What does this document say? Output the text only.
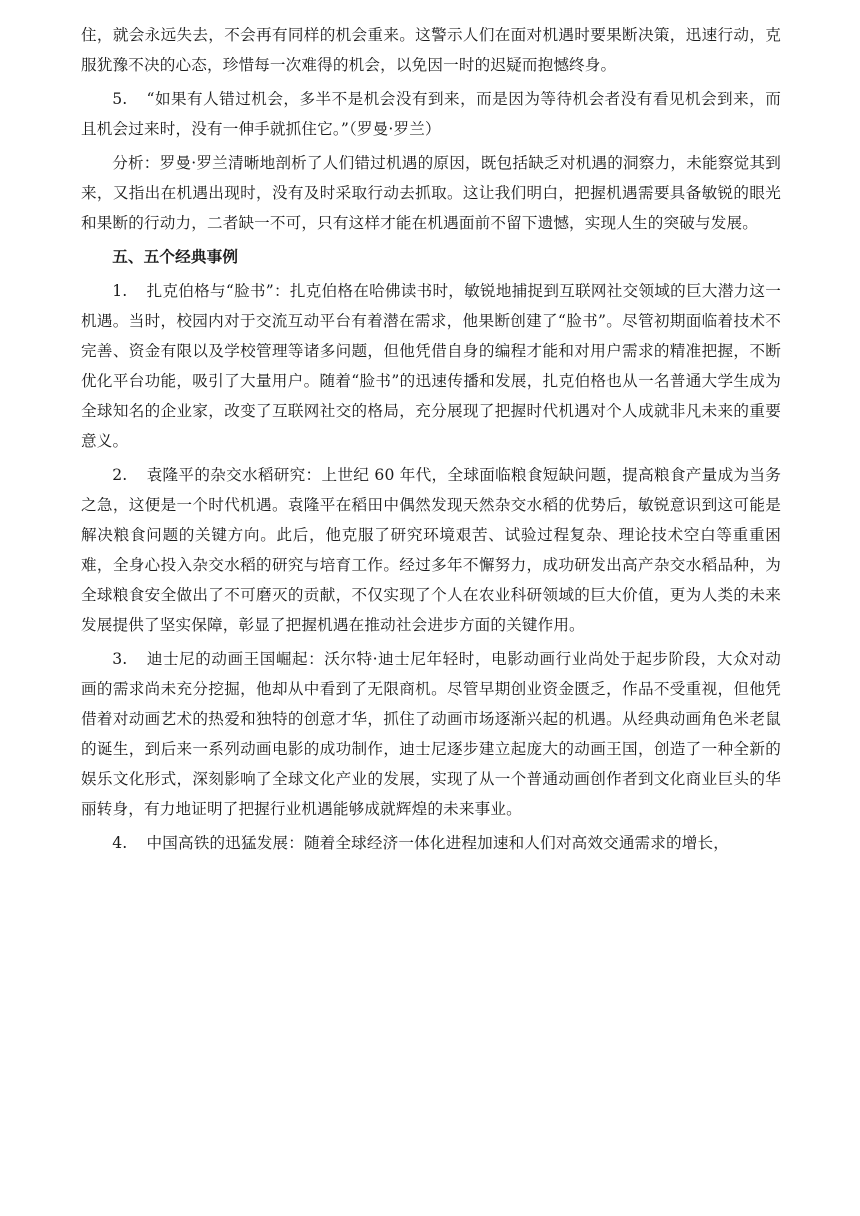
住，就会永远失去，不会再有同样的机会重来。这警示人们在面对机遇时要果断决策，迅速行动，克服犹豫不决的心态，珍惜每一次难得的机会，以免因一时的迟疑而抱憾终身。

5. “如果有人错过机会，多半不是机会没有到来，而是因为等待机会者没有看见机会到来，而且机会过来时，没有一伸手就抓住它。”（罗曼·罗兰）

分析：罗曼·罗兰清晰地剖析了人们错过机遇的原因，既包括缺乏对机遇的洞察力，未能察觉其到来，又指出在机遇出现时，没有及时采取行动去抓取。这让我们明白，把握机遇需要具备敏锐的眼光和果断的行动力，二者缺一不可，只有这样才能在机遇面前不留下遗憾，实现人生的突破与发展。

五、五个经典事例

1. 扎克伯格与“脸书”：扎克伯格在哈佛读书时，敏锐地捕捉到互联网社交领域的巨大潜力这一机遇。当时，校园内对于交流互动平台有着潜在需求，他果断创建了“脸书”。尽管初期面临着技术不完善、资金有限以及学校管理等诸多问题，但他凭借自身的编程才能和对用户需求的精准把握，不断优化平台功能，吸引了大量用户。随着“脸书”的迅速传播和发展，扎克伯格也从一名普通大学生成为全球知名的企业家，改变了互联网社交的格局，充分展现了把握时代机遇对个人成就非凡未来的重要意义。

2. 袁隆平的杂交水稻研究：上世纪 60 年代，全球面临粮食短缺问题，提高粮食产量成为当务之急，这便是一个时代机遇。袁隆平在稻田中偶然发现天然杂交水稻的优势后，敏锐意识到这可能是解决粮食问题的关键方向。此后，他克服了研究环境艰苦、试验过程复杂、理论技术空白等重重困难，全身心投入杂交水稻的研究与培育工作。经过多年不懈努力，成功研发出高产杂交水稻品种，为全球粮食安全做出了不可磨灭的贡献，不仅实现了个人在农业科研领域的巨大价值，更为人类的未来发展提供了坚实保障，彰显了把握机遇在推动社会进步方面的关键作用。

3. 迪士尼的动画王国崛起：沃尔特·迪士尼年轻时，电影动画行业尚处于起步阶段，大众对动画的需求尚未充分挖掘，他却从中看到了无限商机。尽管早期创业资金匮乏，作品不受重视，但他凭借着对动画艺术的热爱和独特的创意才华，抓住了动画市场逐渐兴起的机遇。从经典动画角色米老鼠的诞生，到后来一系列动画电影的成功制作，迪士尼逐步建立起庞大的动画王国，创造了一种全新的娱乐文化形式，深刻影响了全球文化产业的发展，实现了从一个普通动画创作者到文化商业巨头的华丽转身，有力地证明了把握行业机遇能够成就辉煌的未来事业。

4. 中国高铁的迅猛发展：随着全球经济一体化进程加速和人们对高效交通需求的增长，
